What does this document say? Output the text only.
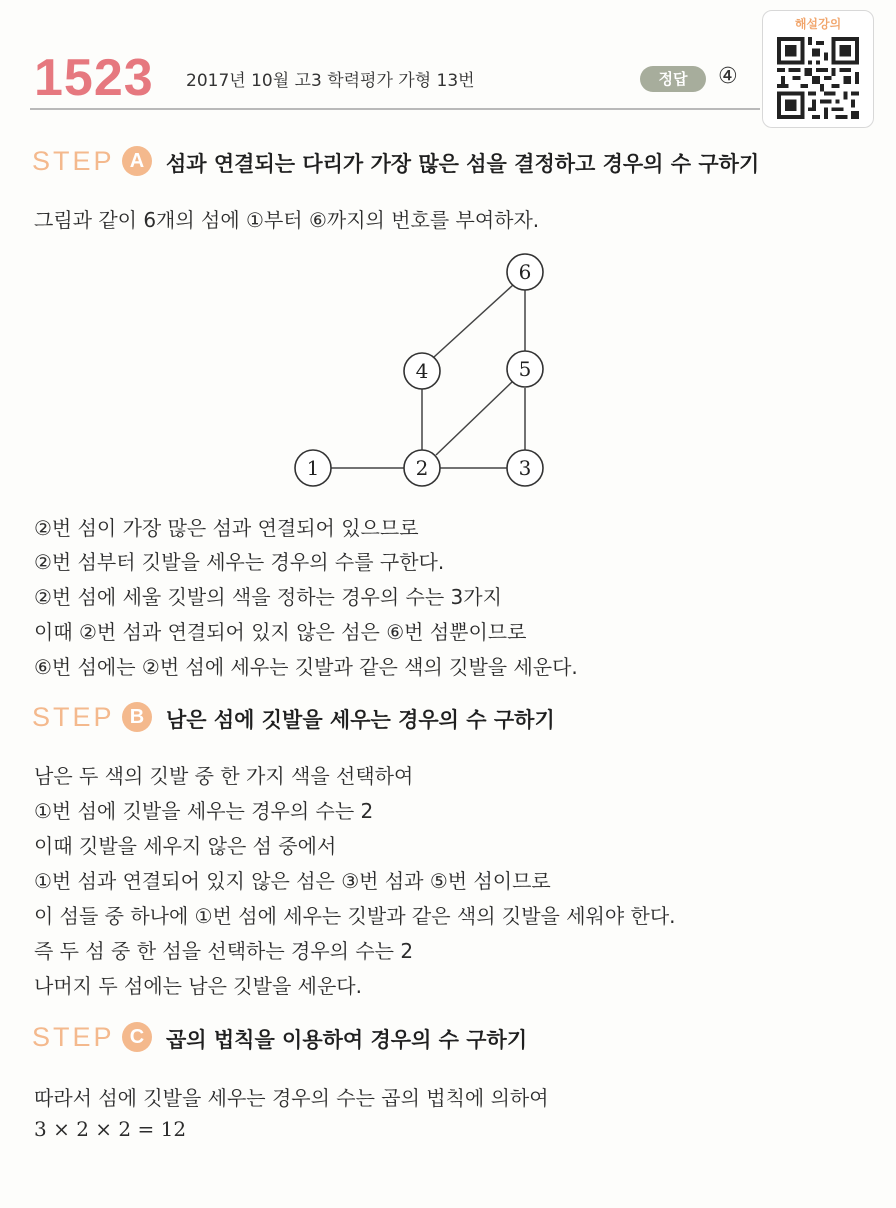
1523 2017년 10월 고3 학력평가 가형 13번	정답	④
해설강의
STEP A	섬과 연결되는 다리가 가장 많은 섬을 결정하고 경우의 수 구하기
그림과 같이 6개의 섬에 ①부터 ⑥까지의 번호를 부여하자.
1	2	3
4	5
6
②번 섬이 가장 많은 섬과 연결되어 있으므로
②번 섬부터 깃발을 세우는 경우의 수를 구한다.
②번 섬에 세울 깃발의 색을 정하는 경우의 수는 3가지
이때 ②번 섬과 연결되어 있지 않은 섬은 ⑥번 섬뿐이므로
⑥번 섬에는 ②번 섬에 세우는 깃발과 같은 색의 깃발을 세운다.
STEP B	남은 섬에 깃발을 세우는 경우의 수 구하기
남은 두 색의 깃발 중 한 가지 색을 선택하여
①번 섬에 깃발을 세우는 경우의 수는 2
이때 깃발을 세우지 않은 섬 중에서
①번 섬과 연결되어 있지 않은 섬은 ③번 섬과 ⑤번 섬이므로
이 섬들 중 하나에 ①번 섬에 세우는 깃발과 같은 색의 깃발을 세워야 한다.
즉 두 섬 중 한 섬을 선택하는 경우의 수는 2
나머지 두 섬에는 남은 깃발을 세운다.
STEP C	곱의 법칙을 이용하여 경우의 수 구하기
따라서 섬에 깃발을 세우는 경우의 수는 곱의 법칙에 의하여
3 × 2 × 2 = 12
